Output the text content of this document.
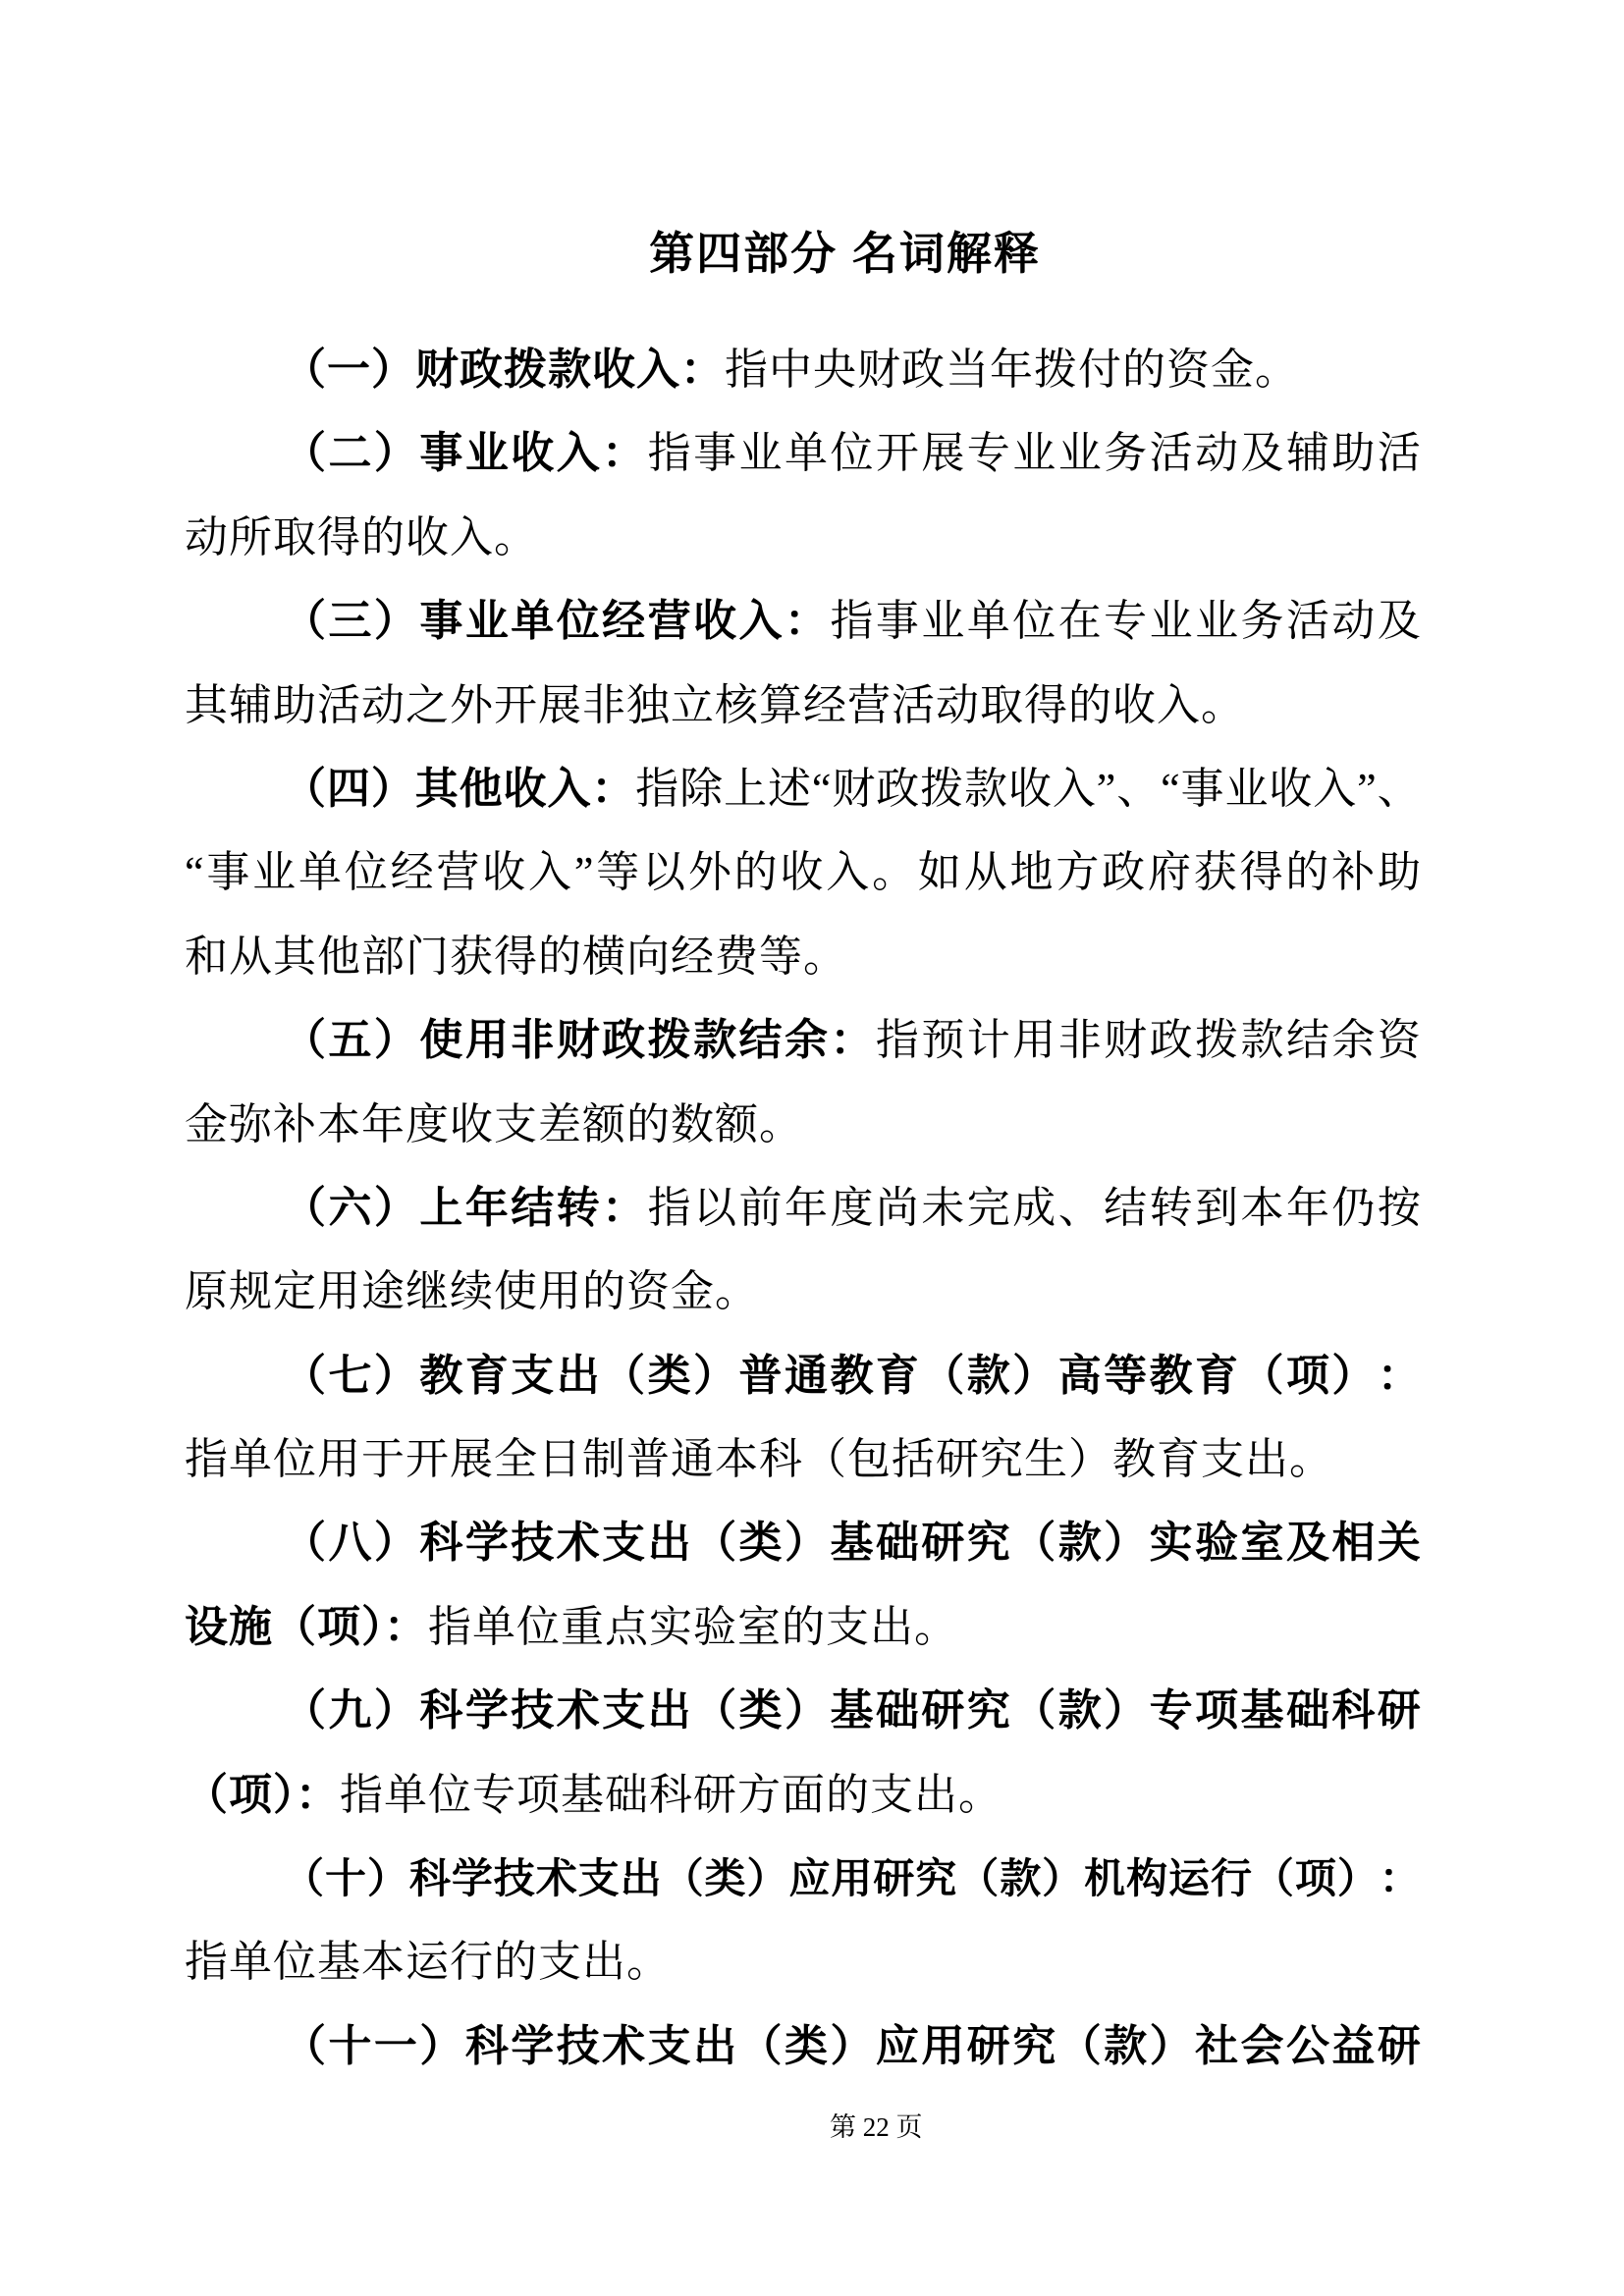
第四部分 名词解释
（一）财政拨款收入：指中央财政当年拨付的资金。
（ 二 ） 事 业 收 入 ： 指 事 业 单 位 开 展 专 业 业 务 活 动 及 辅 助 活
动所取得的收入。
（ 三 ） 事 业 单 位 经 营 收 入 ： 指 事 业 单 位 在 专 业 业 务 活 动 及
其辅助活动之外开展非独立核算经营活动取得的收入。
（ 四 ） 其 他 收 入 ： 指 除 上 述 “ 财 政 拨 款 收 入 ” 、 “ 事 业 收 入 ” 、
“ 事 业 单 位 经 营 收 入 ” 等 以 外 的 收 入 。 如 从 地 方 政 府 获 得 的 补 助
和从其他部门获得的横向经费等。
（ 五 ） 使 用 非 财 政 拨 款 结 余 ： 指 预 计 用 非 财 政 拨 款 结 余 资
金弥补本年度收支差额的数额。
（ 六 ） 上 年 结 转 ： 指 以 前 年 度 尚 未 完 成 、 结 转 到 本 年 仍 按
原规定用途继续使用的资金。
（ 七 ） 教 育 支 出 （ 类 ） 普 通 教 育 （ 款 ） 高 等 教 育 （ 项 ） ：
指单位用于开展全日制普通本科（包括研究生）教育支出。
（ 八 ） 科 学 技 术 支 出 （ 类 ） 基 础 研 究 （ 款 ） 实 验 室 及 相 关
设施（项）：指单位重点实验室的支出。
（ 九 ） 科 学 技 术 支 出 （ 类 ） 基 础 研 究 （ 款 ） 专 项 基 础 科 研
（项）：指单位专项基础科研方面的支出。
（ 十 ） 科 学 技 术 支 出 （ 类 ） 应 用 研 究 （ 款 ） 机 构 运 行 （ 项 ） ：
指单位基本运行的支出。
（ 十 一 ） 科 学 技 术 支 出 （ 类 ） 应 用 研 究 （ 款 ） 社 会 公 益 研
第 22 页
